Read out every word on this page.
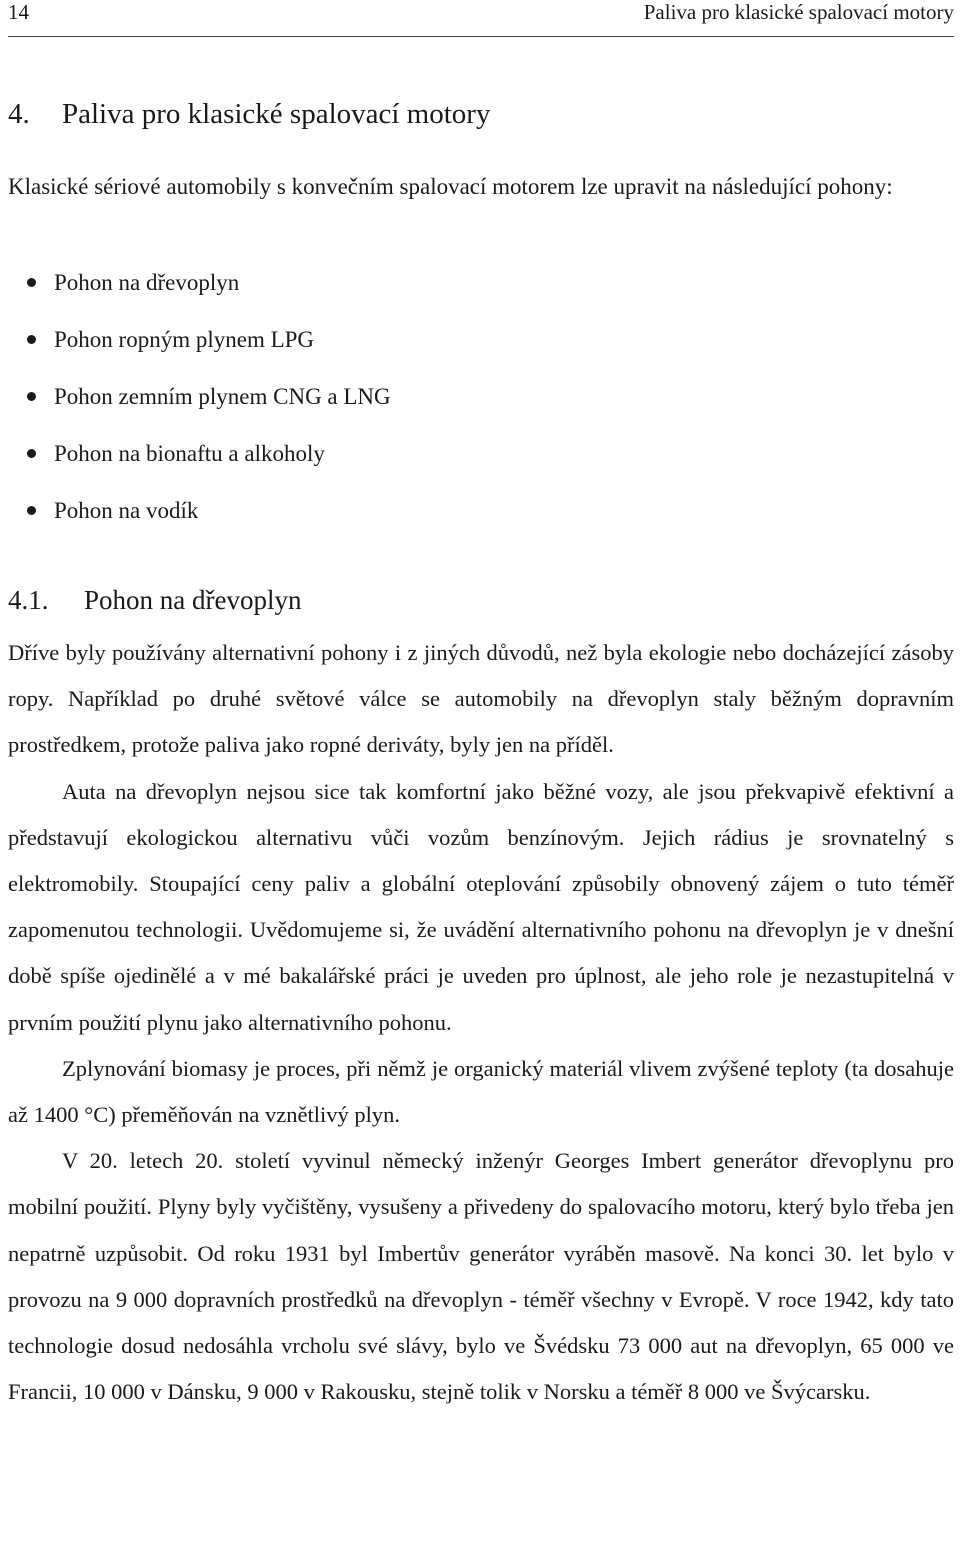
14	Paliva pro klasické spalovací motory
4. Paliva pro klasické spalovací motory

Klasické sériové automobily s konvečním spalovací motorem lze upravit na následující pohony:

Pohon na dřevoplyn
Pohon ropným plynem LPG
Pohon zemním plynem CNG a LNG
Pohon na bionaftu a alkoholy
Pohon na vodík
4.1. Pohon na dřevoplyn

Dříve byly používány alternativní pohony i z jiných důvodů, než byla ekologie nebo docházející zásoby ropy. Například po druhé světové válce se automobily na dřevoplyn staly běžným dopravním prostředkem, protože paliva jako ropné deriváty, byly jen na příděl.

Auta na dřevoplyn nejsou sice tak komfortní jako běžné vozy, ale jsou překvapivě efektivní a představují ekologickou alternativu vůči vozům benzínovým. Jejich rádius je srovnatelný s elektromobily. Stoupající ceny paliv a globální oteplování způsobily obnovený zájem o tuto téměř zapomenutou technologii. Uvědomujeme si, že uvádění alternativního pohonu na dřevoplyn je v dnešní době spíše ojedinělé a v mé bakalářské práci je uveden pro úplnost, ale jeho role je nezastupitelná v prvním použití plynu jako alternativního pohonu.

Zplynování biomasy je proces, při němž je organický materiál vlivem zvýšené teploty (ta dosahuje až 1400 °C) přeměňován na vznětlivý plyn.

V 20. letech 20. století vyvinul německý inženýr Georges Imbert generátor dřevoplynu pro mobilní použití. Plyny byly vyčištěny, vysušeny a přivedeny do spalovacího motoru, který bylo třeba jen nepatrně uzpůsobit. Od roku 1931 byl Imbertův generátor vyráběn masově. Na konci 30. let bylo v provozu na 9 000 dopravních prostředků na dřevoplyn - téměř všechny v Evropě. V roce 1942, kdy tato technologie dosud nedosáhla vrcholu své slávy, bylo ve Švédsku 73 000 aut na dřevoplyn, 65 000 ve Francii, 10 000 v Dánsku, 9 000 v Rakousku, stejně tolik v Norsku a téměř 8 000 ve Švýcarsku.
